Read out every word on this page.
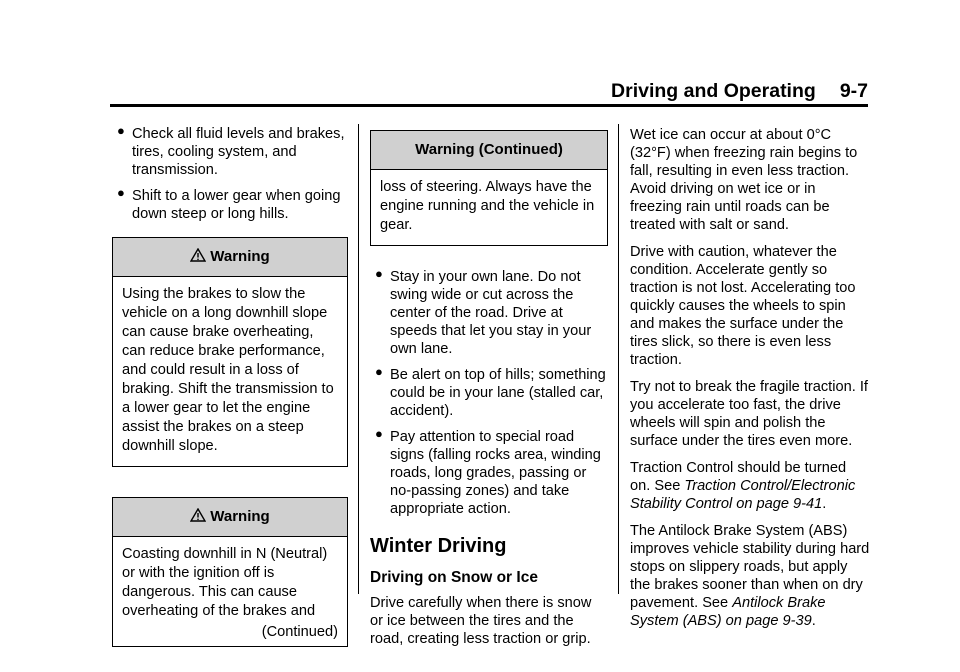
Driving and Operating 9-7
● Check all fluid levels and brakes, tires, cooling system, and transmission.
● Shift to a lower gear when going down steep or long hills.
Warning
Using the brakes to slow the vehicle on a long downhill slope can cause brake overheating, can reduce brake performance, and could result in a loss of braking. Shift the transmission to a lower gear to let the engine assist the brakes on a steep downhill slope.
Warning
Coasting downhill in N (Neutral) or with the ignition off is dangerous. This can cause overheating of the brakes and
(Continued)
Warning (Continued)
loss of steering. Always have the engine running and the vehicle in gear.
● Stay in your own lane. Do not swing wide or cut across the center of the road. Drive at speeds that let you stay in your own lane.
● Be alert on top of hills; something could be in your lane (stalled car, accident).
● Pay attention to special road signs (falling rocks area, winding roads, long grades, passing or no-passing zones) and take appropriate action.
Winter Driving
Driving on Snow or Ice

Drive carefully when there is snow or ice between the tires and the road, creating less traction or grip.

Wet ice can occur at about 0°C (32°F) when freezing rain begins to fall, resulting in even less traction. Avoid driving on wet ice or in freezing rain until roads can be treated with salt or sand.

Drive with caution, whatever the condition. Accelerate gently so traction is not lost. Accelerating too quickly causes the wheels to spin and makes the surface under the tires slick, so there is even less traction.

Try not to break the fragile traction. If you accelerate too fast, the drive wheels will spin and polish the surface under the tires even more.

Traction Control should be turned on. See Traction Control/Electronic Stability Control on page 9-41.

The Antilock Brake System (ABS) improves vehicle stability during hard stops on slippery roads, but apply the brakes sooner than when on dry pavement. See Antilock Brake System (ABS) on page 9-39.
